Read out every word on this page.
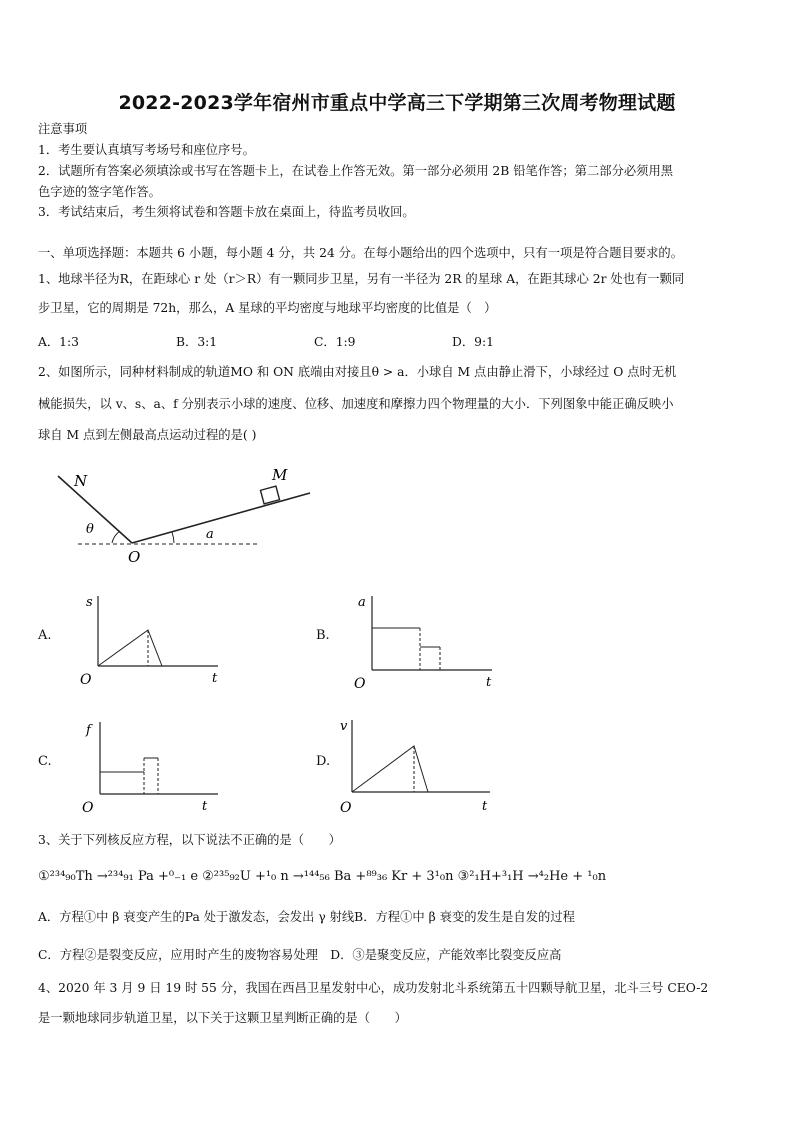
2022-2023学年宿州市重点中学高三下学期第三次周考物理试题
注意事项
1．考生要认真填写考场号和座位序号。
2．试题所有答案必须填涂或书写在答题卡上，在试卷上作答无效。第一部分必须用 2B 铅笔作答；第二部分必须用黑
色字迹的签字笔作答。
3．考试结束后，考生须将试卷和答题卡放在桌面上，待监考员收回。
一、单项选择题：本题共 6 小题，每小题 4 分，共 24 分。在每小题给出的四个选项中，只有一项是符合题目要求的。
1、地球半径为R，在距球心 r 处（r＞R）有一颗同步卫星，另有一半径为 2R 的星球 A，在距其球心 2r 处也有一颗同
步卫星，它的周期是 72h，那么，A 星球的平均密度与地球平均密度的比值是（　）
A．1:3	B．3:1	C．1:9	D．9:1
2、如图所示，同种材料制成的轨道MO 和 ON 底端由对接且θ > a．小球自 M 点由静止滑下，小球经过 O 点时无机
械能损失，以 v、s、a、f 分别表示小球的速度、位移、加速度和摩擦力四个物理量的大小．下列图象中能正确反映小
球自 M 点到左侧最高点运动过程的是( )
N	M
O
θ	a
A.	B.
C.	D.
s
t
O
a
t
O
f
t
O
v
t
O
3、关于下列核反应方程，以下说法不正确的是（　　）
①²³⁴₉₀Th →²³⁴₉₁ Pa +⁰₋₁ e ②²³⁵₉₂U +¹₀ n →¹⁴⁴₅₆ Ba +⁸⁹₃₆ Kr + 3¹₀n ③²₁H+³₁H →⁴₂He + ¹₀n
A．方程①中 β 衰变产生的Pa 处于激发态，会发出 γ 射线B．方程①中 β 衰变的发生是自发的过程
C．方程②是裂变反应，应用时产生的废物容易处理　D．③是聚变反应，产能效率比裂变反应高
4、2020 年 3 月 9 日 19 时 55 分，我国在西昌卫星发射中心，成功发射北斗系统第五十四颗导航卫星，北斗三号 CEO-2
是一颗地球同步轨道卫星，以下关于这颗卫星判断正确的是（　　）
